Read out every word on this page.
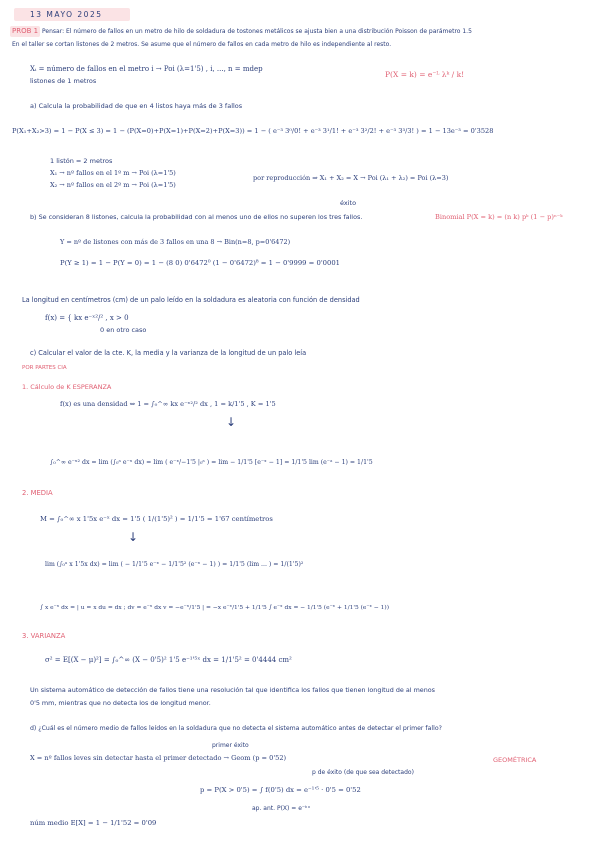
13 MAYO 2025
PROB 1 Pensar: El número de fallos en un metro de hilo de soldadura de tostones metálicos se ajusta bien a una distribución Poisson de parámetro 1.5
En el taller se cortan listones de 2 metros. Se asume que el número de fallos en cada metro de hilo es independiente al resto.
Xᵢ = número de fallos en el metro i → Poi (λ=1'5) , i, ..., n = mdep
listones de 1 metros
P(X = k) = e⁻ᴸ λᵏ / k!
a) Calcula la probabilidad de que en 4 listos haya más de 3 fallos
P(X₁+X₂>3) = 1 − P(X ≤ 3) = 1 − (P(X=0)+P(X=1)+P(X=2)+P(X=3)) = 1 − ( e⁻³ 3⁰/0! + e⁻³ 3¹/1! + e⁻³ 3²/2! + e⁻³ 3³/3! ) = 1 − 13e⁻³ = 0'3528
1 listón = 2 metros
X₁ → nº fallos en el 1º m → Poi (λ=1'5)
X₂ → nº fallos en el 2º m → Poi (λ=1'5)
por reproducción ⇒ X₁ + X₂ = X → Poi (λ₁ + λ₂) = Poi (λ=3)
éxito
b) Se consideran 8 listones, calcula la probabilidad con al menos uno de ellos no superen los tres fallos.	Binomial P(X = k) = (n k) pᵏ (1 − p)ⁿ⁻ᵏ
Y = nº de listones con más de 3 fallos en una 8 → Bin(n=8, p=0'6472)
P(Y ≥ 1) = 1 − P(Y = 0) = 1 − (8 0) 0'6472⁰ (1 − 0'6472)⁸ = 1 − 0'9999 = 0'0001
La longitud en centímetros (cm) de un palo leído en la soldadura es aleatoria con función de densidad
f(x) = { kx e⁻ˣ²/² , x > 0
0 en otro caso
c) Calcular el valor de la cte. K, la media y la varianza de la longitud de un palo leía
POR PARTES CIA
1. Cálculo de K ESPERANZA
f(x) es una densidad ⇔ 1 = ∫₀^∞ kx e⁻ˣ²/² dx , 1 = k/1'5 , K = 1'5
↓
∫₀^∞ e⁻ˣ² dx = lim (∫₀ᵃ e⁻ˣ dx) = lim ( e⁻ˣ/−1'5 |₀ᵃ ) = lim − 1/1'5 [e⁻ˣ − 1] = 1/1'5 lim (e⁻ᵃ − 1) = 1/1'5
2. MEDIA
M = ∫₀^∞ x 1'5x e⁻ˣ dx = 1'5 ( 1/(1'5)² ) = 1/1'5 = 1'67 centímetros
↓
lim (∫₀ᵃ x 1'5x dx) = lim ( − 1/1'5 e⁻ˣ − 1/1'5² (e⁻ˣ − 1) ) = 1/1'5 (lim ... ) = 1/(1'5)²
∫ x e⁻ˣ dx = | u = x du = dx ; dv = e⁻ˣ dx v = −e⁻ˣ/1'5 | = −x e⁻ˣ/1'5 + 1/1'5 ∫ e⁻ˣ dx = − 1/1'5 (e⁻ˣ + 1/1'5 (e⁻ˣ − 1))
3. VARIANZA
σ² = E[(X − μ)²] = ∫₀^∞ (X − 0'5)² 1'5 e⁻¹'⁵ˣ dx = 1/1'5² = 0'4444 cm²
Un sistema automático de detección de fallos tiene una resolución tal que identifica los fallos que tienen longitud de al menos
0'5 mm, mientras que no detecta los de longitud menor.
d) ¿Cuál es el número medio de fallos leídos en la soldadura que no detecta el sistema automático antes de detectar el primer fallo?
primer éxito
X = nº fallos leves sin detectar hasta el primer detectado → Geom (p = 0'52)
p de éxito (de que sea detectado)
GEOMÉTRICA
p = P(X > 0'5) = ∫ f(0'5) dx = e⁻¹'⁵ · 0'5 = 0'52
ap. ant. P(X) = e⁻ᵏˣ
núm medio E[X] = 1 − 1/1'52 = 0'09
